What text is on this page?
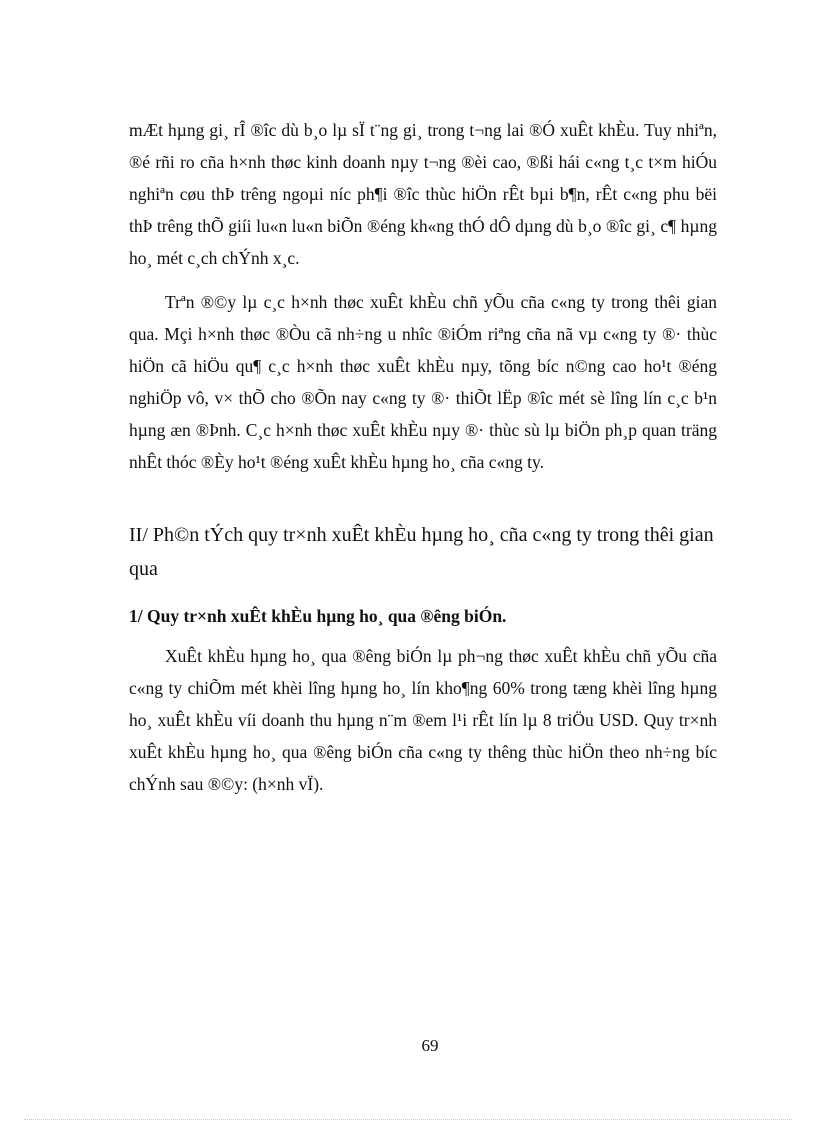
mÆt hµng gi¸ rÎ ®îc dù b¸o lµ sÏ t¨ng gi¸ trong t¬ng lai ®Ó xuÊt khÈu. Tuy nhiªn, ®é rñi ro cña h×nh thøc kinh doanh nµy t¬ng ®èi cao, ®ßi hái c«ng t¸c t×m hiÓu nghiªn cøu thÞ trêng ngoµi níc ph¶i ®îc thùc hiÖn rÊt bµi b¶n, rÊt c«ng phu bëi thÞ trêng thÕ giíi lu«n lu«n biÕn ®éng kh«ng thÓ dÔ dµng dù b¸o ®îc gi¸ c¶ hµng ho¸ mét c¸ch chÝnh x¸c.

Trªn ®©y lµ c¸c h×nh thøc xuÊt khÈu chñ yÕu cña c«ng ty trong thêi gian qua. Mçi h×nh thøc ®Òu cã nh÷ng u nhîc ®iÓm riªng cña nã vµ c«ng ty ®· thùc hiÖn cã hiÖu qu¶ c¸c h×nh thøc xuÊt khÈu nµy, tõng bíc n©ng cao ho¹t ®éng nghiÖp vô, v× thÕ cho ®Õn nay c«ng ty ®· thiÕt lËp ®îc mét sè lîng lín c¸c b¹n hµng æn ®Þnh. C¸c h×nh thøc xuÊt khÈu nµy ®· thùc sù lµ biÖn ph¸p quan träng nhÊt thóc ®Èy ho¹t ®éng xuÊt khÈu hµng ho¸ cña c«ng ty.

II/ Ph©n tÝch quy tr×nh xuÊt khÈu hµng ho¸ cña c«ng ty trong thêi gian qua
1/ Quy tr×nh xuÊt khÈu hµng ho¸ qua ®êng biÓn.

XuÊt khÈu hµng ho¸ qua ®êng biÓn lµ ph¬ng thøc xuÊt khÈu chñ yÕu cña c«ng ty chiÕm mét khèi lîng hµng ho¸ lín kho¶ng 60% trong tæng khèi lîng hµng ho¸ xuÊt khÈu víi doanh thu hµng n¨m ®em l¹i rÊt lín lµ 8 triÖu USD. Quy tr×nh xuÊt khÈu hµng ho¸ qua ®êng biÓn cña c«ng ty thêng thùc hiÖn theo nh÷ng bíc chÝnh sau ®©y: (h×nh vÏ).

69
